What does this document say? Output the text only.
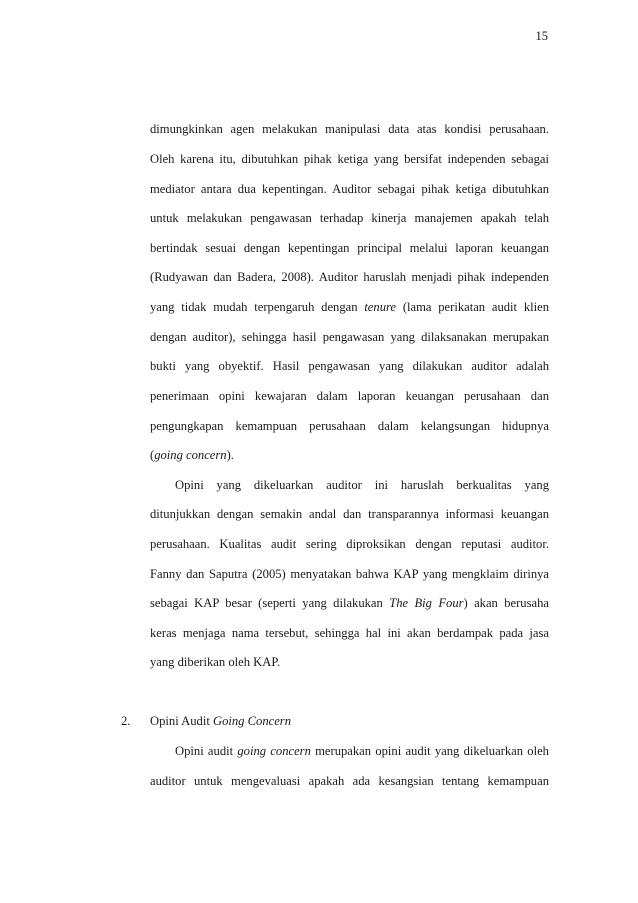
15
dimungkinkan agen melakukan manipulasi data atas kondisi perusahaan.
Oleh karena itu, dibutuhkan pihak ketiga yang bersifat independen sebagai
mediator antara dua kepentingan. Auditor sebagai pihak ketiga dibutuhkan
untuk melakukan pengawasan terhadap kinerja manajemen apakah telah
bertindak sesuai dengan kepentingan principal melalui laporan keuangan
(Rudyawan dan Badera, 2008). Auditor haruslah menjadi pihak independen
yang tidak mudah terpengaruh dengan tenure (lama perikatan audit klien
dengan auditor), sehingga hasil pengawasan yang dilaksanakan merupakan
bukti yang obyektif. Hasil pengawasan yang dilakukan auditor adalah
penerimaan opini kewajaran dalam laporan keuangan perusahaan dan
pengungkapan kemampuan perusahaan dalam kelangsungan hidupnya
(going concern).
Opini yang dikeluarkan auditor ini haruslah berkualitas yang
ditunjukkan dengan semakin andal dan transparannya informasi keuangan
perusahaan. Kualitas audit sering diproksikan dengan reputasi auditor.
Fanny dan Saputra (2005) menyatakan bahwa KAP yang mengklaim dirinya
sebagai KAP besar (seperti yang dilakukan The Big Four) akan berusaha
keras menjaga nama tersebut, sehingga hal ini akan berdampak pada jasa
yang diberikan oleh KAP.
2. Opini Audit Going Concern
Opini audit going concern merupakan opini audit yang dikeluarkan oleh
auditor untuk mengevaluasi apakah ada kesangsian tentang kemampuan
